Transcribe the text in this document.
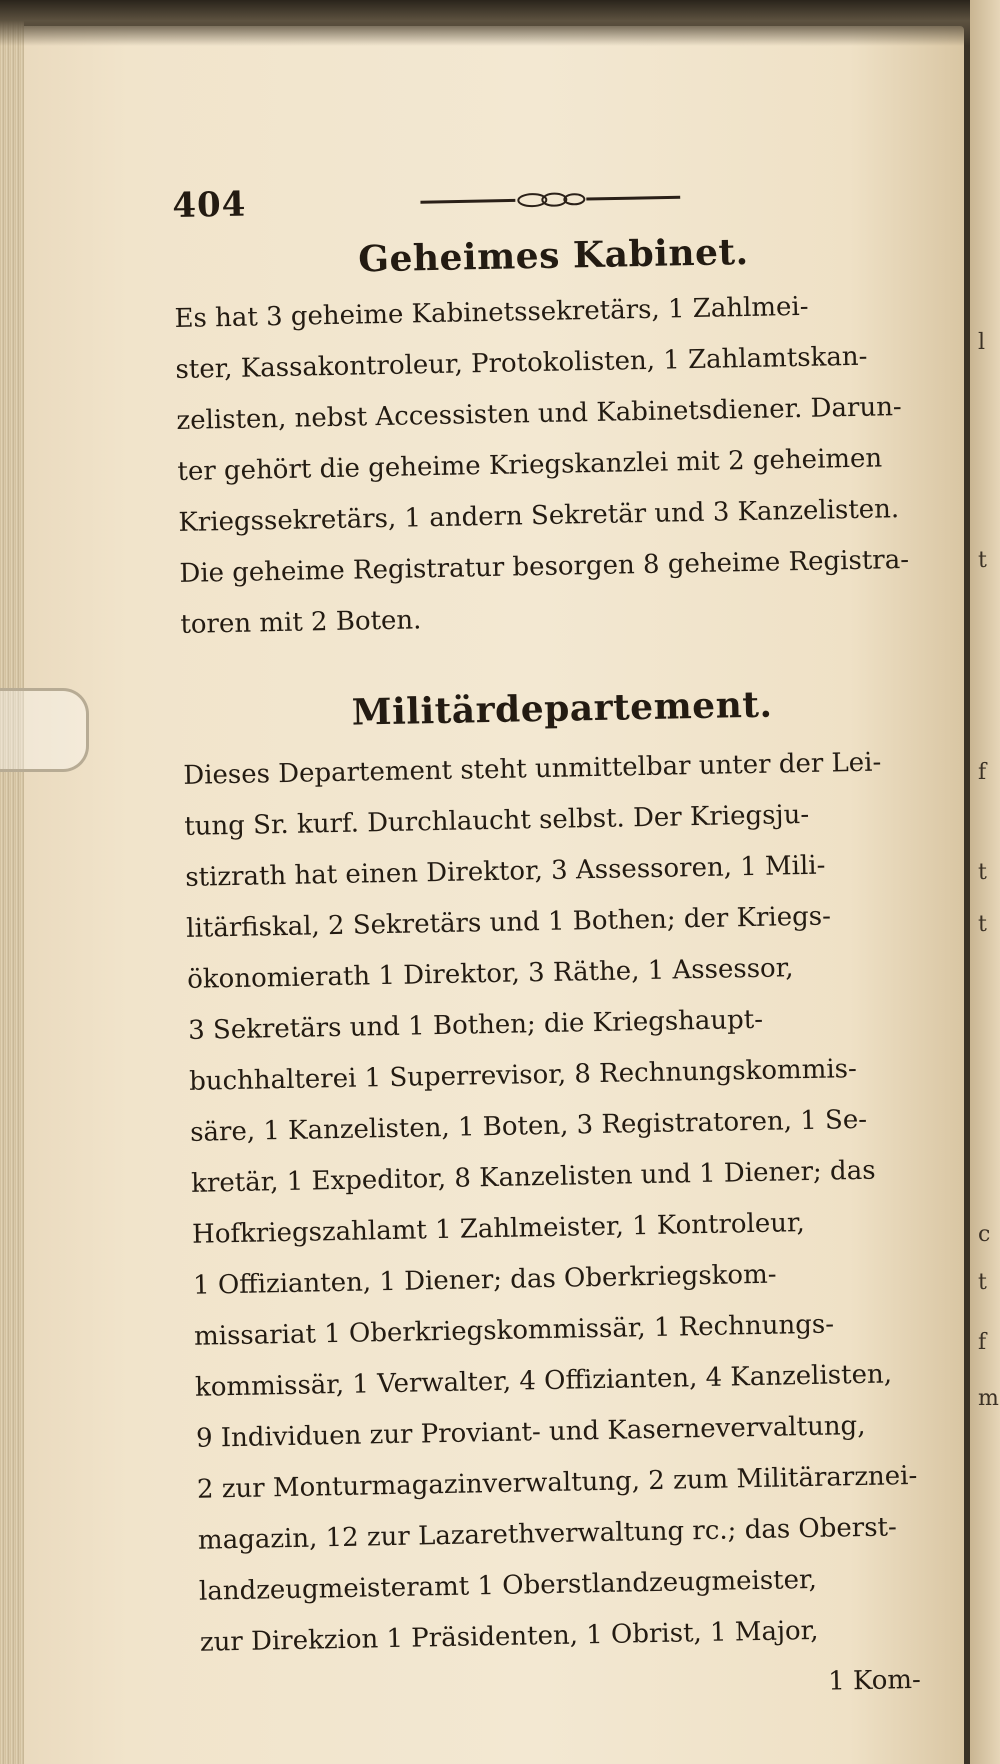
l
t
f
t
t
c
t
f
m
404
Geheimes Kabinet.
Es hat 3 geheime Kabinetssekretärs, 1 Zahlmei-
ster, Kassakontroleur, Protokolisten, 1 Zahlamtskan-
zelisten, nebst Accessisten und Kabinetsdiener. Darun-
ter gehört die geheime Kriegskanzlei mit 2 geheimen
Kriegssekretärs, 1 andern Sekretär und 3 Kanzelisten.
Die geheime Registratur besorgen 8 geheime Registra-
toren mit 2 Boten.
Militärdepartement.
Dieses Departement steht unmittelbar unter der Lei-
tung Sr. kurf. Durchlaucht selbst. Der Kriegsju-
stizrath hat einen Direktor, 3 Assessoren, 1 Mili-
litärfiskal, 2 Sekretärs und 1 Bothen; der Kriegs-
ökonomierath 1 Direktor, 3 Räthe, 1 Assessor,
3 Sekretärs und 1 Bothen; die Kriegshaupt-
buchhalterei 1 Superrevisor, 8 Rechnungskommis-
säre, 1 Kanzelisten, 1 Boten, 3 Registratoren, 1 Se-
kretär, 1 Expeditor, 8 Kanzelisten und 1 Diener; das
Hofkriegszahlamt 1 Zahlmeister, 1 Kontroleur,
1 Offizianten, 1 Diener; das Oberkriegskom-
missariat 1 Oberkriegskommissär, 1 Rechnungs-
kommissär, 1 Verwalter, 4 Offizianten, 4 Kanzelisten,
9 Individuen zur Proviant- und Kasernevervaltung,
2 zur Monturmagazinverwaltung, 2 zum Militärarznei-
magazin, 12 zur Lazarethverwaltung rc.; das Oberst-
landzeugmeisteramt 1 Oberstlandzeugmeister,
zur Direkzion 1 Präsidenten, 1 Obrist, 1 Major,
1 Kom-
